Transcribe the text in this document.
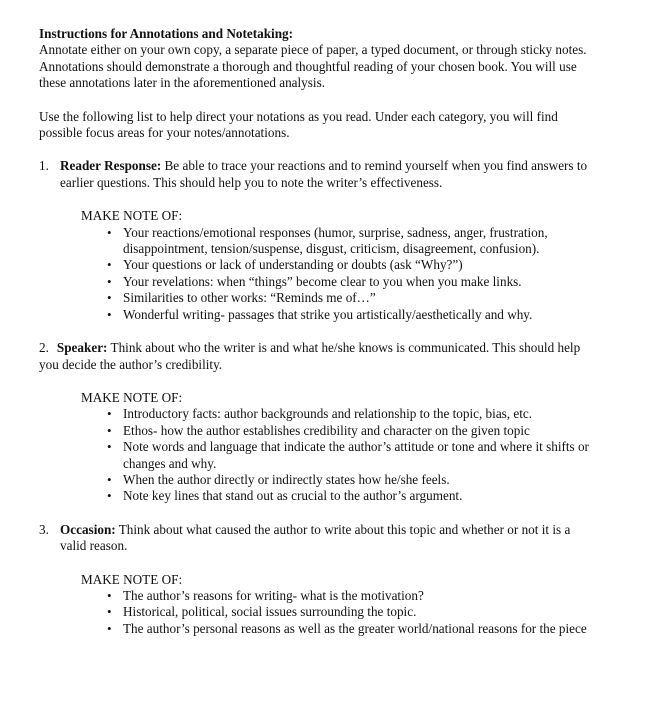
Instructions for Annotations and Notetaking:

Annotate either on your own copy, a separate piece of paper, a typed document, or through sticky notes. Annotations should demonstrate a thorough and thoughtful reading of your chosen book. You will use these annotations later in the aforementioned analysis.

Use the following list to help direct your notations as you read. Under each category, you will find possible focus areas for your notes/annotations.

1. Reader Response: Be able to trace your reactions and to remind yourself when you find answers to earlier questions. This should help you to note the writer’s effectiveness.

MAKE NOTE OF:

• Your reactions/emotional responses (humor, surprise, sadness, anger, frustration, disappointment, tension/suspense, disgust, criticism, disagreement, confusion).
• Your questions or lack of understanding or doubts (ask “Why?”)
• Your revelations: when “things” become clear to you when you make links.
• Similarities to other works: “Reminds me of…”
• Wonderful writing- passages that strike you artistically/aesthetically and why.

2. Speaker: Think about who the writer is and what he/she knows is communicated. This should help you decide the author’s credibility.

MAKE NOTE OF:

• Introductory facts: author backgrounds and relationship to the topic, bias, etc.
• Ethos- how the author establishes credibility and character on the given topic
• Note words and language that indicate the author’s attitude or tone and where it shifts or changes and why.
• When the author directly or indirectly states how he/she feels.
• Note key lines that stand out as crucial to the author’s argument.
3. Occasion: Think about what caused the author to write about this topic and whether or not it is a valid reason.

MAKE NOTE OF:

• The author’s reasons for writing- what is the motivation?
• Historical, political, social issues surrounding the topic.
• The author’s personal reasons as well as the greater world/national reasons for the piece
